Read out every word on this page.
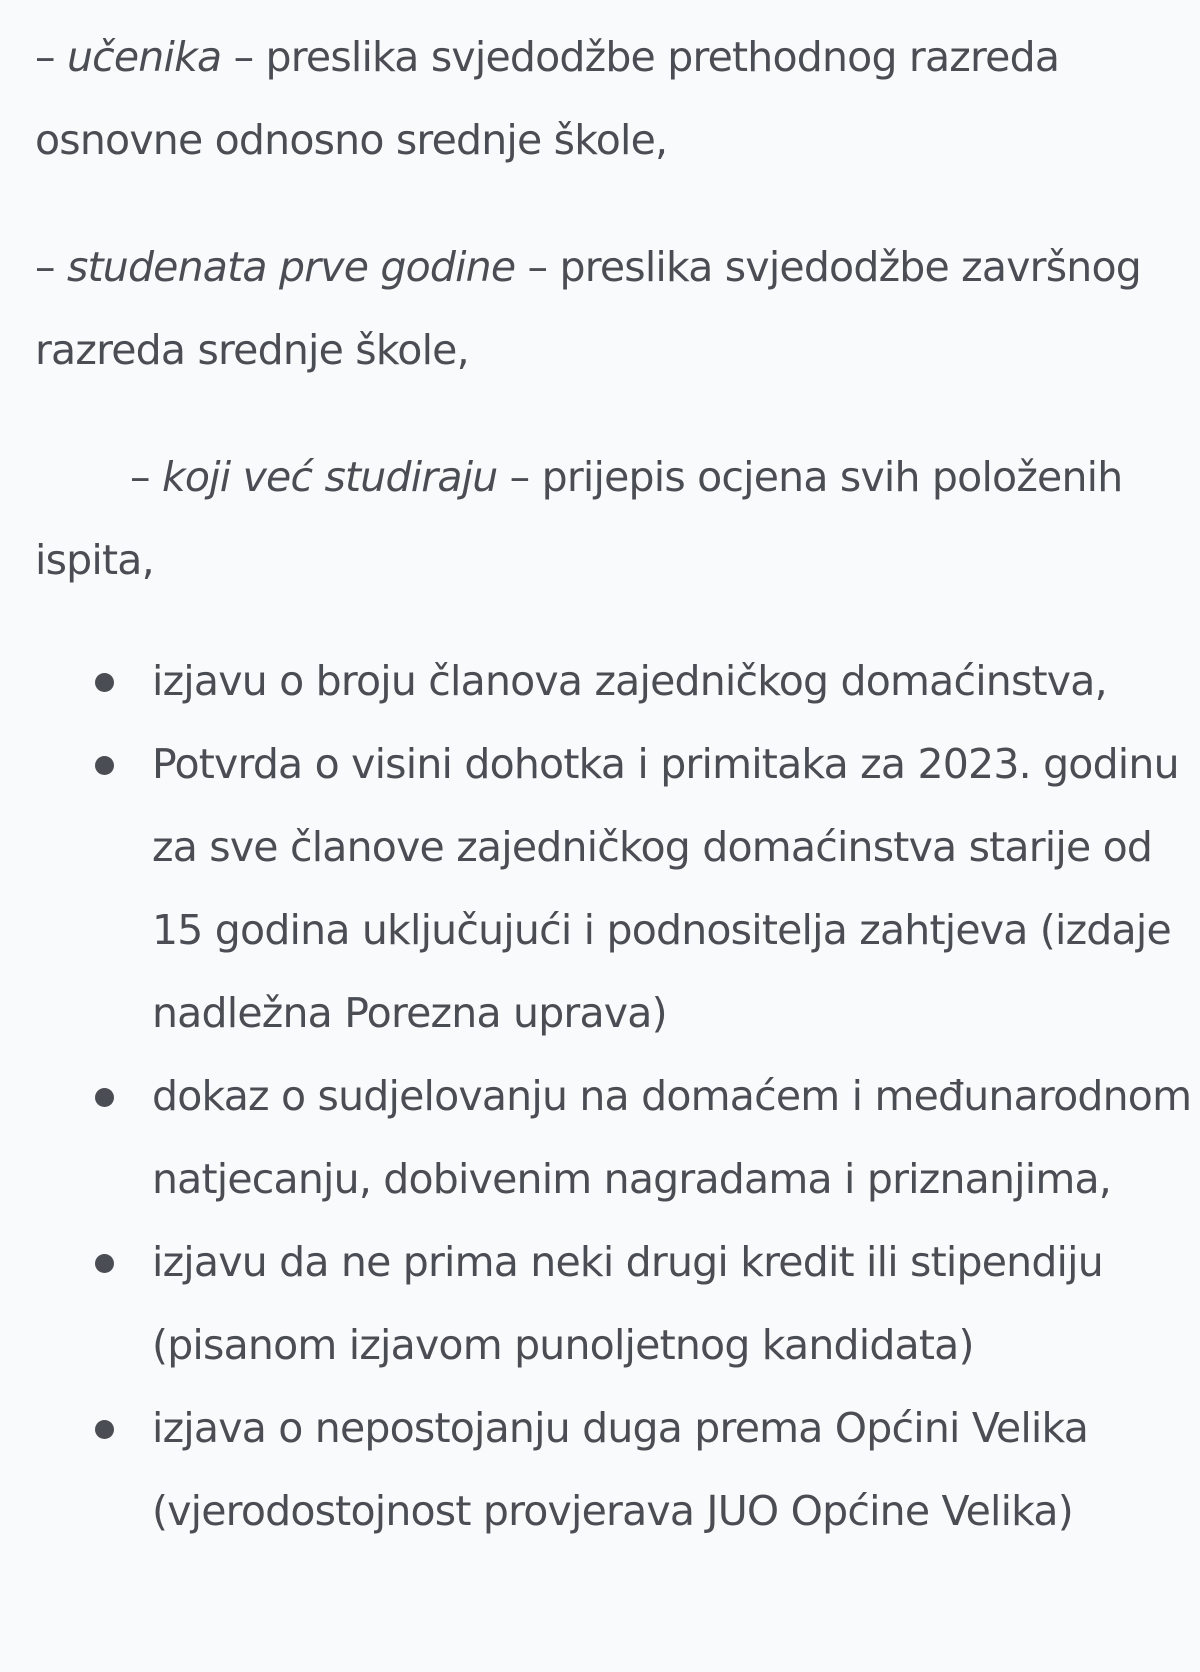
– učenika – preslika svjedodžbe prethodnog razreda osnovne odnosno srednje škole,

– studenata prve godine – preslika svjedodžbe završnog razreda srednje škole,

– koji već studiraju – prijepis ocjena svih položenih ispita,

izjavu o broju članova zajedničkog domaćinstva,
Potvrda o visini dohotka i primitaka za 2023. godinu za sve članove zajedničkog domaćinstva starije od 15 godina uključujući i podnositelja zahtjeva (izdaje nadležna Porezna uprava)
dokaz o sudjelovanju na domaćem i međunarodnom natjecanju, dobivenim nagradama i priznanjima,
izjavu da ne prima neki drugi kredit ili stipendiju (pisanom izjavom punoljetnog kandidata)
izjava o nepostojanju duga prema Općini Velika (vjerodostojnost provjerava JUO Općine Velika)
